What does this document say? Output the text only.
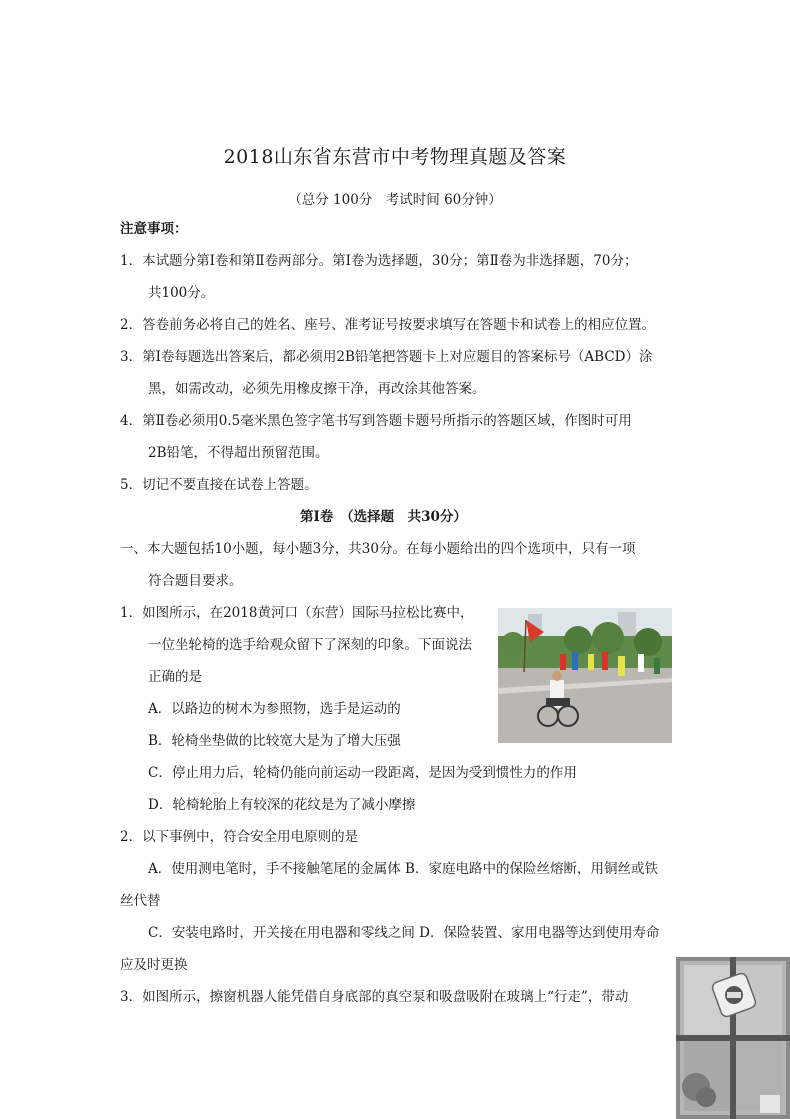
2018山东省东营市中考物理真题及答案
（总分 100分　考试时间 60分钟）
注意事项：
1．本试题分第Ⅰ卷和第Ⅱ卷两部分。第Ⅰ卷为选择题，30分；第Ⅱ卷为非选择题，70分；
共100分。
2．答卷前务必将自己的姓名、座号、准考证号按要求填写在答题卡和试卷上的相应位置。
3．第Ⅰ卷每题选出答案后，都必须用2B铅笔把答题卡上对应题目的答案标号（ABCD）涂
黑，如需改动，必须先用橡皮擦干净，再改涂其他答案。
4．第Ⅱ卷必须用0.5毫米黑色签字笔书写到答题卡题号所指示的答题区域，作图时可用
2B铅笔，不得超出预留范围。
5．切记不要直接在试卷上答题。
第Ⅰ卷　（选择题　共30分）
一、本大题包括10小题，每小题3分，共30分。在每小题给出的四个选项中，只有一项
符合题目要求。
1．如图所示，在2018黄河口（东营）国际马拉松比赛中，
一位坐轮椅的选手给观众留下了深刻的印象。下面说法
正确的是
A．以路边的树木为参照物，选手是运动的
B．轮椅坐垫做的比较宽大是为了增大压强
C．停止用力后，轮椅仍能向前运动一段距离，是因为受到惯性力的作用
D．轮椅轮胎上有较深的花纹是为了减小摩擦
2．以下事例中，符合安全用电原则的是
A．使用测电笔时，手不接触笔尾的金属体 B．家庭电路中的保险丝熔断，用铜丝或铁
丝代替
C．安装电路时，开关接在用电器和零线之间 D．保险装置、家用电器等达到使用寿命
应及时更换
3．如图所示，擦窗机器人能凭借自身底部的真空泵和吸盘吸附在玻璃上“行走”，带动
